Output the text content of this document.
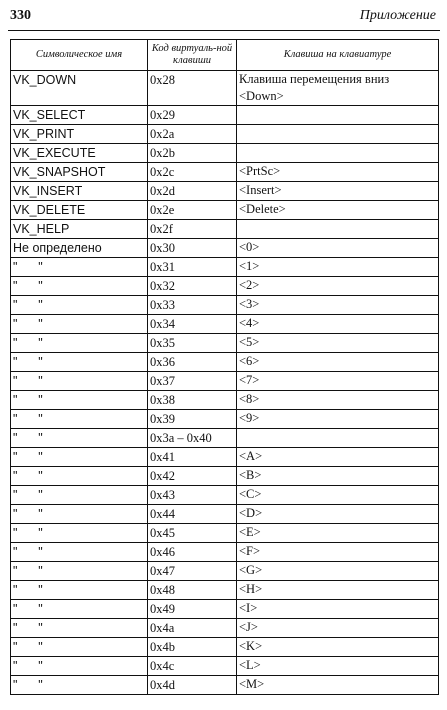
330	Приложение
Символическое имя	Код виртуаль-ной клавиши	Клавиша на клавиатуре

VK_DOWN	0x28	Клавиша перемещения вниз <Down>
VK_SELECT	0x29	
VK_PRINT	0x2a	
VK_EXECUTE	0x2b	
VK_SNAPSHOT	0x2c	<PrtSc>
VK_INSERT	0x2d	<Insert>
VK_DELETE	0x2e	<Delete>
VK_HELP	0x2f	
Не определено	0x30	<0>
"      "	0x31	<1>
"      "	0x32	<2>
"      "	0x33	<3>
"      "	0x34	<4>
"      "	0x35	<5>
"      "	0x36	<6>
"      "	0x37	<7>
"      "	0x38	<8>
"      "	0x39	<9>
"      "	0x3a – 0x40	
"      "	0x41	<A>
"      "	0x42	<B>
"      "	0x43	<C>
"      "	0x44	<D>
"      "	0x45	<E>
"      "	0x46	<F>
"      "	0x47	<G>
"      "	0x48	<H>
"      "	0x49	<I>
"      "	0x4a	<J>
"      "	0x4b	<K>
"      "	0x4c	<L>
"      "	0x4d	<M>
